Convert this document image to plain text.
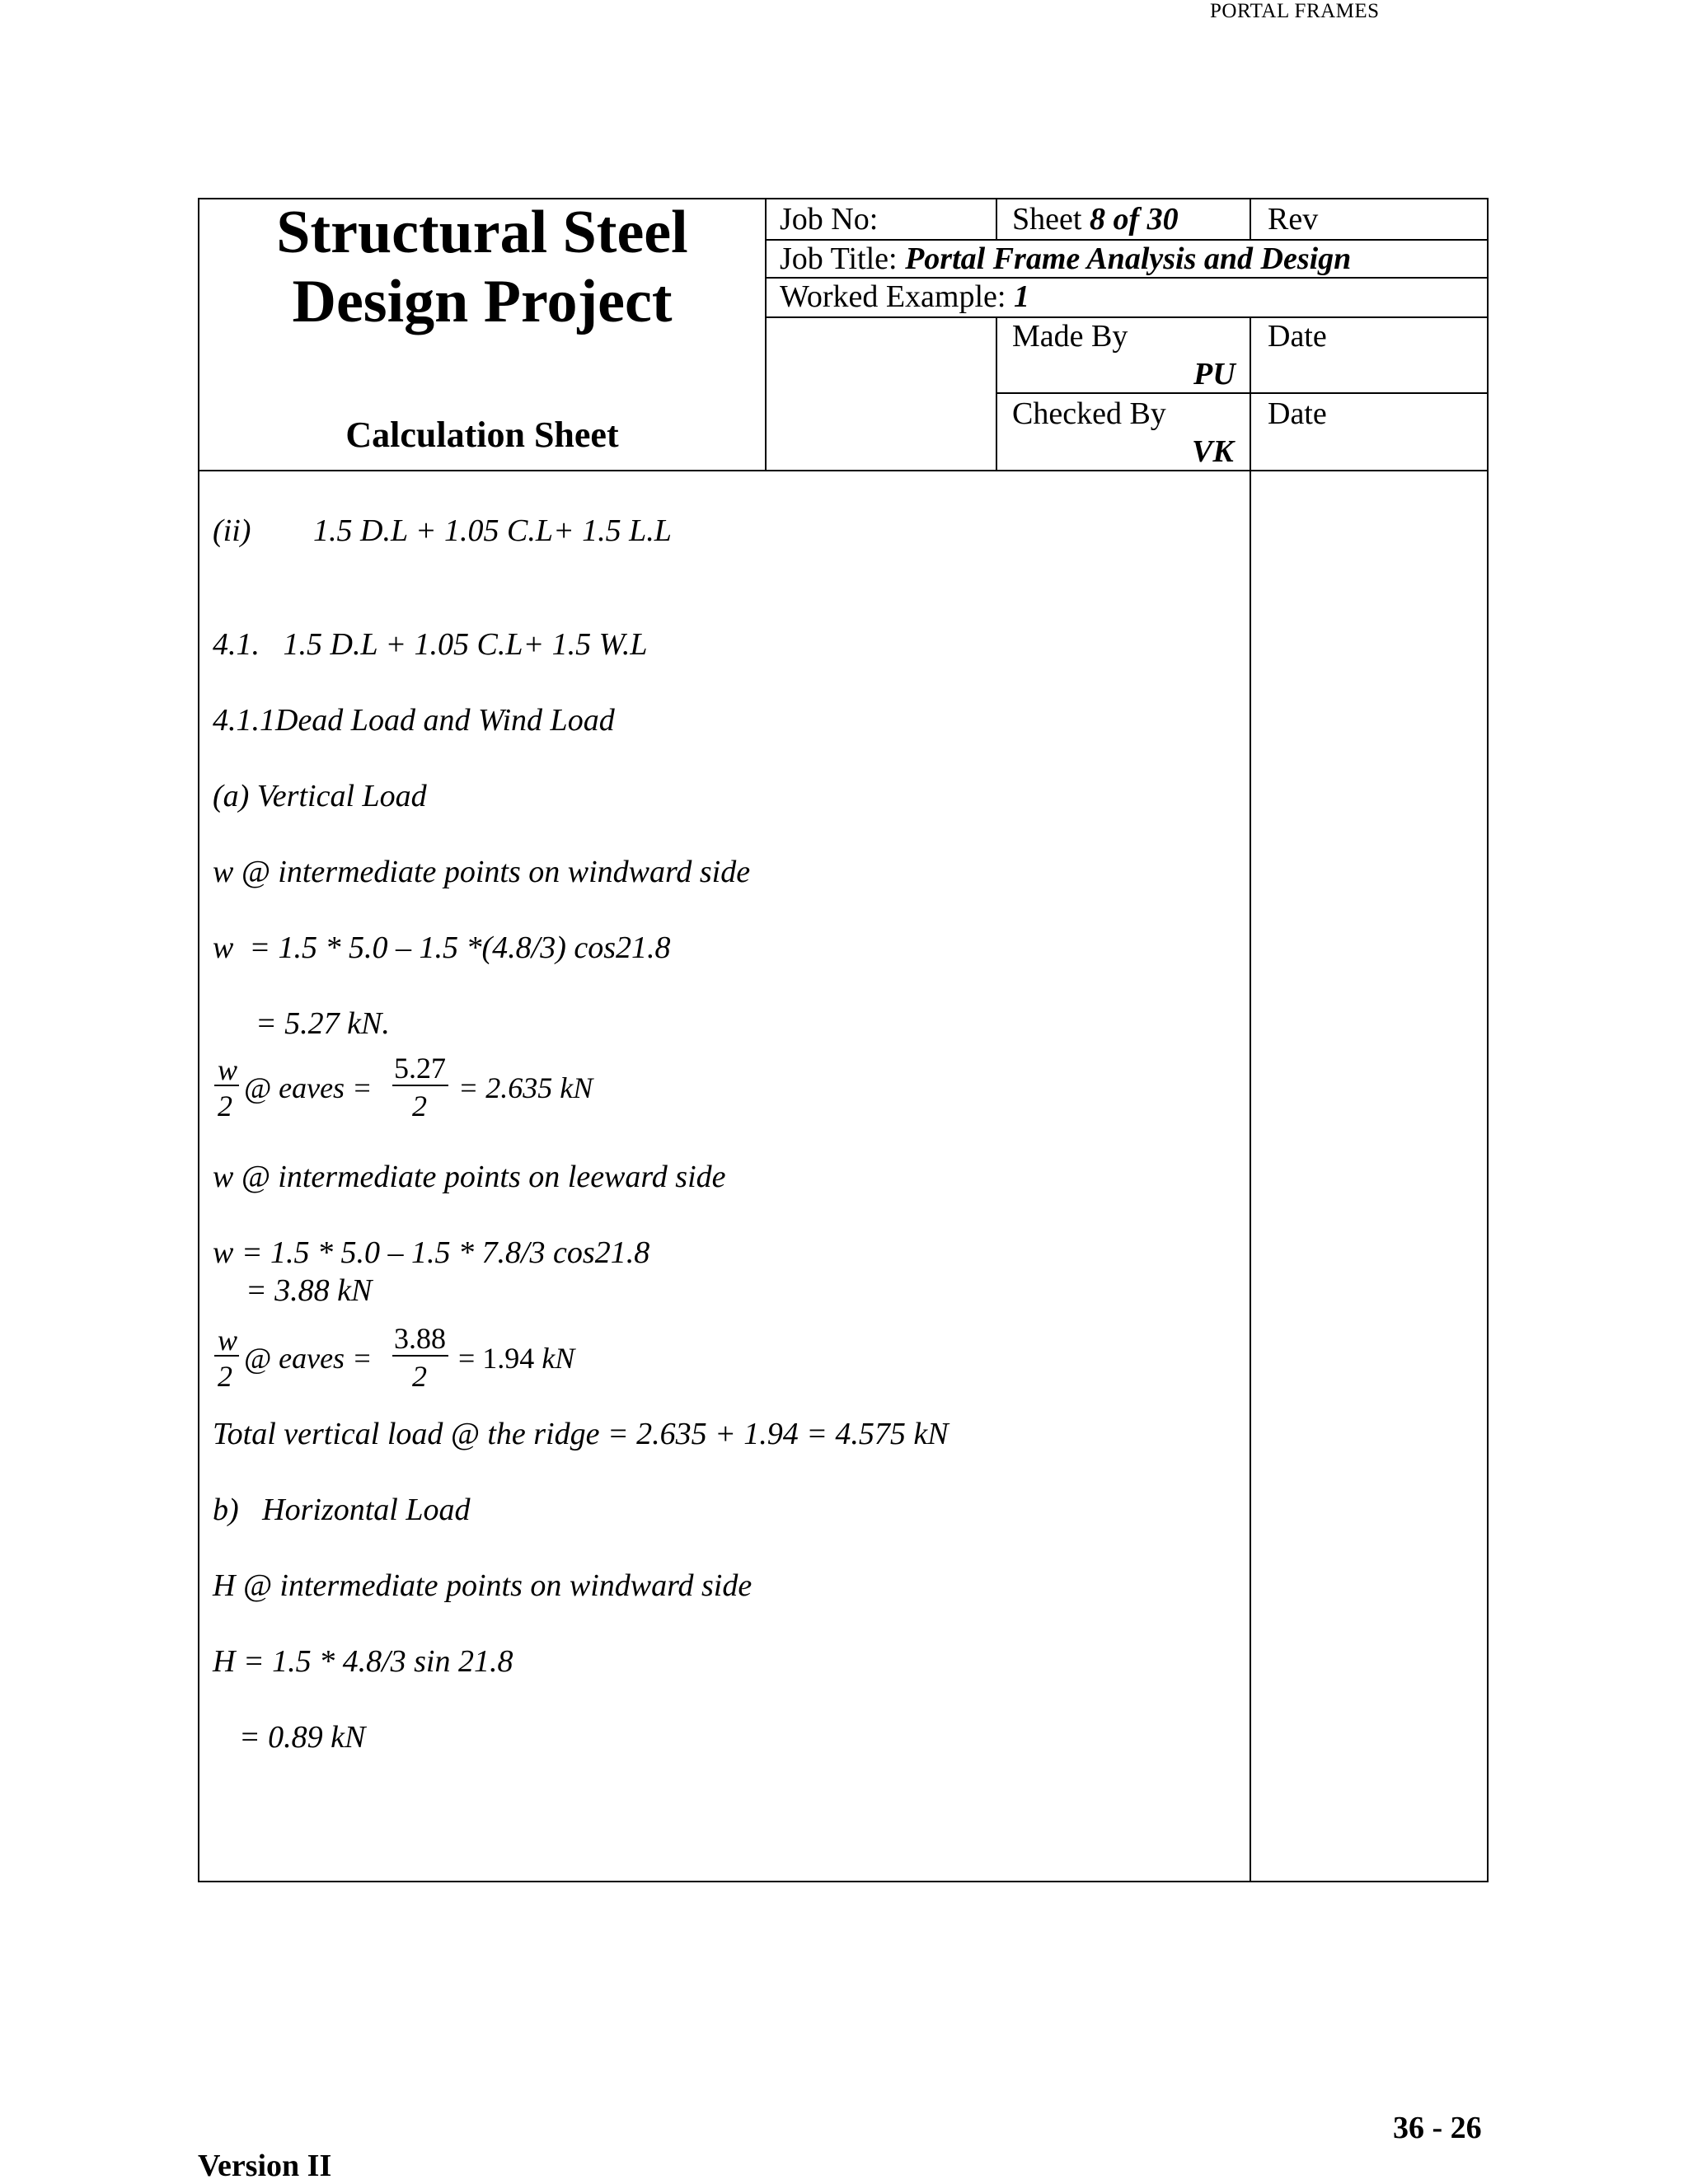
PORTAL FRAMES
Structural Steel
Design Project
Calculation Sheet
Job No:	Sheet 8 of 30	Rev
Job Title: Portal Frame Analysis and Design
Worked Example: 1
Made By
PU
Date
Checked By
VK
Date
(ii) 1.5 D.L + 1.05 C.L+ 1.5 L.L
4.1.   1.5 D.L + 1.05 C.L+ 1.5 W.L
4.1.1Dead Load and Wind Load
(a) Vertical Load
w @ intermediate points on windward side
w  = 1.5 * 5.0 – 1.5 *(4.8/3) cos21.8
= 5.27 kN.
w
2
@ eaves =
5.27
2
= 2.635 kN
w @ intermediate points on leeward side
w = 1.5 * 5.0 – 1.5 * 7.8/3 cos21.8
= 3.88 kN
w
2
@ eaves =
3.88
2
= 1.94 kN
Total vertical load @ the ridge = 2.635 + 1.94 = 4.575 kN
b)   Horizontal Load
H @ intermediate points on windward side
H = 1.5 * 4.8/3 sin 21.8
= 0.89 kN
36 - 26
Version II
